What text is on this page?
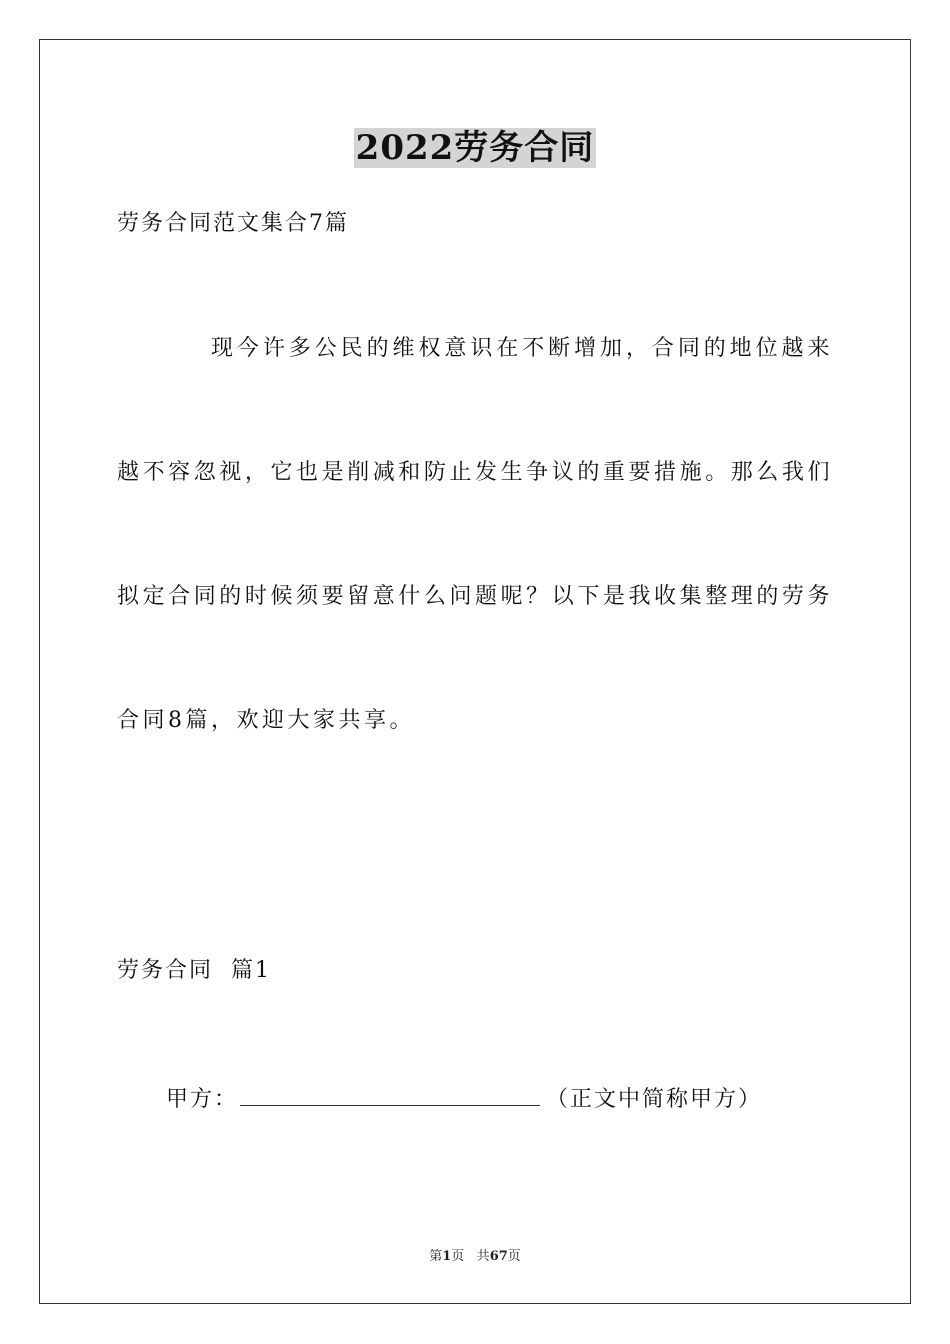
2022劳务合同
劳务合同范文集合7篇
现今许多公民的维权意识在不断增加，合同的地位越来越不容忽视，它也是削减和防止发生争议的重要措施。那么我们拟定合同的时候须要留意什么问题呢？以下是我收集整理的劳务合同8篇，欢迎大家共享。
劳务合同  篇1
甲方：	（正文中简称甲方）
第1页 共67页
